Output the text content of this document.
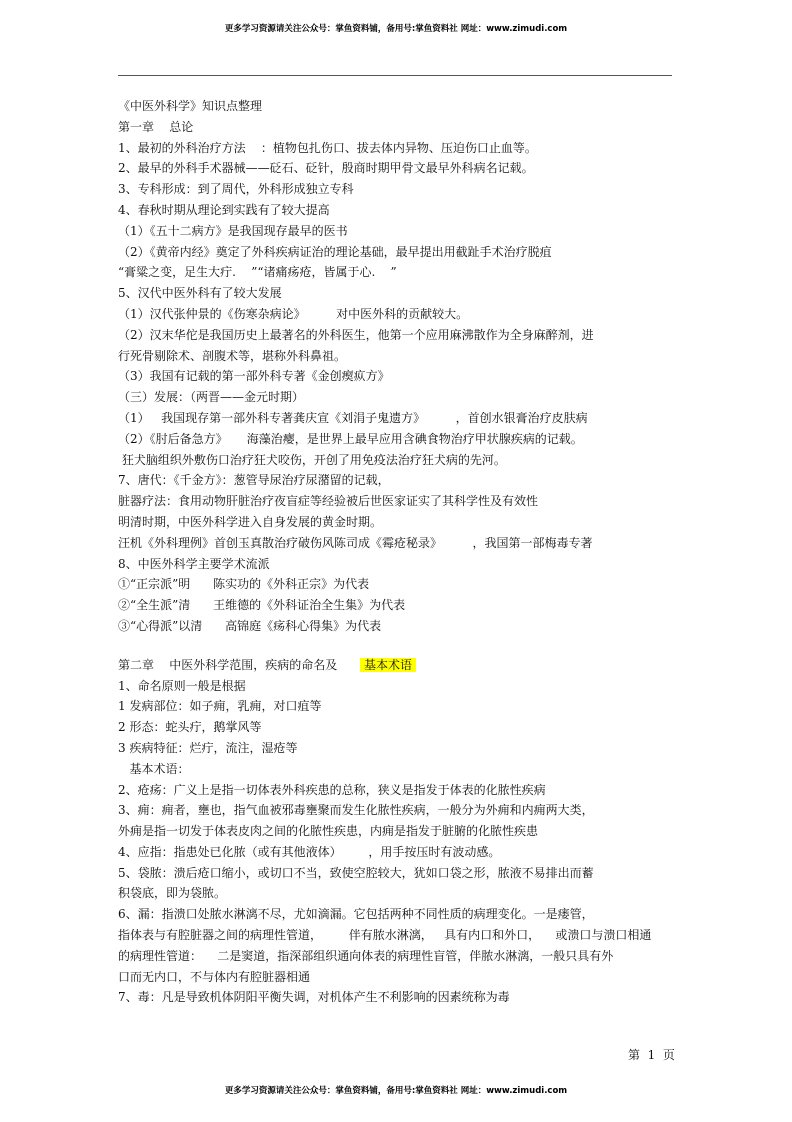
更多学习资源请关注公众号：掌鱼资料铺，备用号:掌鱼资料社 网址：www.zimudi.com
《中医外科学》知识点整理
第一章    总论
1、最初的外科治疗方法    ：植物包扎伤口、拔去体内异物、压迫伤口止血等。
2、最早的外科手术器械——砭石、砭针，殷商时期甲骨文最早外科病名记载。
3、专科形成：到了周代，外科形成独立专科
4、春秋时期从理论到实践有了较大提高
（1）《五十二病方》是我国现存最早的医书
（2）《黄帝内经》奠定了外科疾病证治的理论基础，最早提出用截趾手术治疗脱疽
“膏粱之变，足生大疔.    ”“诸痛疡疮，皆属于心.    ”
5、汉代中医外科有了较大发展
（1）汉代张仲景的《伤寒杂病论》        对中医外科的贡献较大。
（2）汉末华佗是我国历史上最著名的外科医生，他第一个应用麻沸散作为全身麻醉剂，进
行死骨剔除术、剖腹术等，堪称外科鼻祖。
（3）我国有记载的第一部外科专著《金创瘈疭方》
（三）发展：（两晋——金元时期）
（1）   我国现存第一部外科专著龚庆宣《刘涓子鬼遗方》        ，首创水银膏治疗皮肤病
（2）《肘后备急方》     海藻治瘿，是世界上最早应用含碘食物治疗甲状腺疾病的记载。
狂犬脑组织外敷伤口治疗狂犬咬伤，开创了用免疫法治疗狂犬病的先河。
7、唐代：《千金方》：葱管导尿治疗尿潴留的记载，
脏器疗法：食用动物肝脏治疗夜盲症等经验被后世医家证实了其科学性及有效性
明清时期，中医外科学进入自身发展的黄金时期。
汪机《外科理例》首创玉真散治疗破伤风陈司成《霉疮秘录》        ，我国第一部梅毒专著
8、中医外科学主要学术流派
①“正宗派”明      陈实功的《外科正宗》为代表
②“全生派”清      王维德的《外科证治全生集》为代表
③“心得派”以清      高锦庭《疡科心得集》为代表
第二章    中医外科学范围，疾病的命名及       基本术语
1、命名原则一般是根据
1 发病部位：如子痈，乳痈，对口疽等
2 形态：蛇头疔，鹅掌风等
3 疾病特征：烂疔，流注，湿疮等
基本术语：
2、疮疡：广义上是指一切体表外科疾患的总称，狭义是指发于体表的化脓性疾病
3、痈：痈者，壅也，指气血被邪毒壅聚而发生化脓性疾病，一般分为外痈和内痈两大类，
外痈是指一切发于体表皮肉之间的化脓性疾患，内痈是指发于脏腑的化脓性疾患
4、应指：指患处已化脓（或有其他液体）       ，用手按压时有波动感。
5、袋脓：溃后疮口缩小，或切口不当，致使空腔较大，犹如口袋之形，脓液不易排出而蓄
积袋底，即为袋脓。
6、漏：指溃口处脓水淋漓不尽，尤如滴漏。它包括两种不同性质的病理变化。一是瘘管，
指体表与有腔脏器之间的病理性管道，       伴有脓水淋漓，   具有内口和外口，    或溃口与溃口相通
的病理性管道：    二是窦道，指深部组织通向体表的病理性盲管，伴脓水淋漓，一般只具有外
口而无内口，不与体内有腔脏器相通
7、毒：凡是导致机体阴阳平衡失调，对机体产生不利影响的因素统称为毒
第  1  页
更多学习资源请关注公众号：掌鱼资料铺，备用号:掌鱼资料社 网址：www.zimudi.com
